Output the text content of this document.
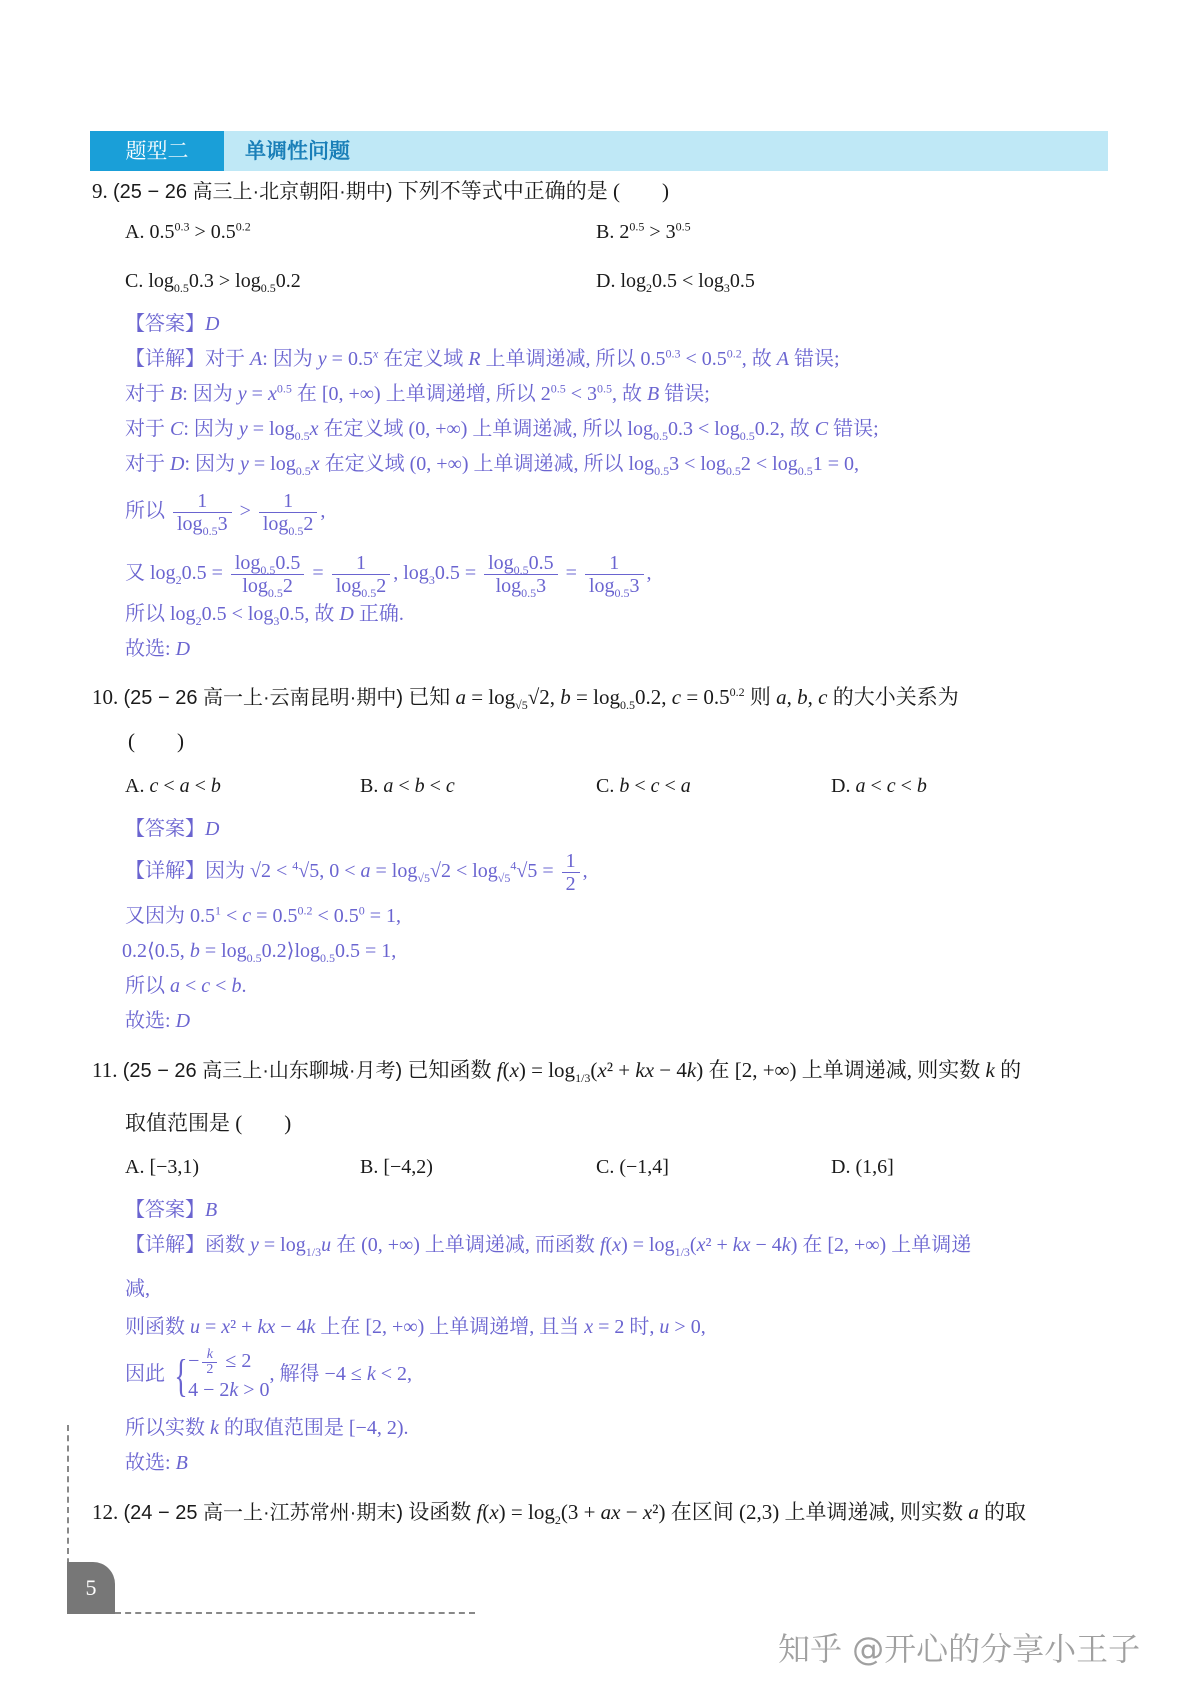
题型二	单调性问题
9. (25 − 26 高三上·北京朝阳·期中) 下列不等式中正确的是 (　　)
A. $0.5^{0.3} > 0.5^{0.2}$	B. $2^{0.5} > 3^{0.5}$
C. $\log_{0.5}0.3 > \log_{0.5}0.2$	D. $\log_20.5 < \log_30.5$
【答案】D
【详解】对于 A: 因为 $y = 0.5^x$ 在定义域 R 上单调递减, 所以 $0.5^{0.3} < 0.5^{0.2}$, 故 A 错误;
对于 B: 因为 $y = x^{0.5}$ 在 [0, +∞) 上单调递增, 所以 $2^{0.5} < 3^{0.5}$, 故 B 错误;
对于 C: 因为 $y = \log_{0.5}x$ 在定义域 (0, +∞) 上单调递减, 所以 $\log_{0.5}0.3 < \log_{0.5}0.2$, 故 C 错误;
对于 D: 因为 $y = \log_{0.5}x$ 在定义域 (0, +∞) 上单调递减, 所以 $\log_{0.5}3 < \log_{0.5}2 < \log_{0.5}1 = 0$,
所以 $\frac{1}{\log_{0.5}3} > \frac{1}{\log_{0.5}2}$ ,
又 $\log_20.5 = \frac{\log_{0.5}0.5}{\log_{0.5}2} = \frac{1}{\log_{0.5}2}$ , $\log_30.5 = \frac{\log_{0.5}0.5}{\log_{0.5}3} = \frac{1}{\log_{0.5}3}$ ,
所以 $\log_20.5 < \log_30.5$, 故 D 正确.
故选: D
10. (25 − 26 高一上·云南昆明·期中) 已知 $a = \log_{√5}√2$, $b = \log_{0.5}0.2$, $c = 0.5^{0.2}$ 则 a, b, c 的大小关系为
(　　)
A. c < a < b	B. a < b < c	C. b < c < a	D. a < c < b
【答案】D
【详解】因为 √2 < $^4$√5, $0 < a = \log_{√5}√2 < \log_{√5}^4√5 = \frac{1}{2}$ ,
又因为 $0.5^1 < c = 0.5^{0.2} < 0.5^0 = 1$,
0.2⟨0.5, $b = \log_{0.5}0.2⟩\log_{0.5}0.5 = 1$,
所以 a < c < b.
故选: D
11. (25 − 26 高三上·山东聊城·月考) 已知函数 $f(x) = \log_{1/3}(x^2$ + kx − 4k) 在 [2, +∞) 上单调递减, 则实数 k 的
取值范围是 (　　)
A. [−3,1)	B. [−4,2)	C. (−1,4]	D. (1,6]
【答案】B
【详解】函数 $y = \log_{1/3}u$ 在 (0, +∞) 上单调递减, 而函数 $f(x) = \log_{1/3}(x^2$ + kx − 4k) 在 [2, +∞) 上单调递
减,
则函数 u = x² + kx − 4k 上在 [2, +∞) 上单调递增, 且当 x = 2 时, u > 0,
因此 { − $\frac{k}{2} \le 2$
4 − 2k > 0
, 解得 −4 ≤ k < 2,
所以实数 k 的取值范围是 [−4, 2).
故选: B
12. (24 − 25 高一上·江苏常州·期末) 设函数 $f(x) = \log_2(3$ + ax − x²) 在区间 (2,3) 上单调递减, 则实数 a 的取
5
知乎 @开心的分享小王子
